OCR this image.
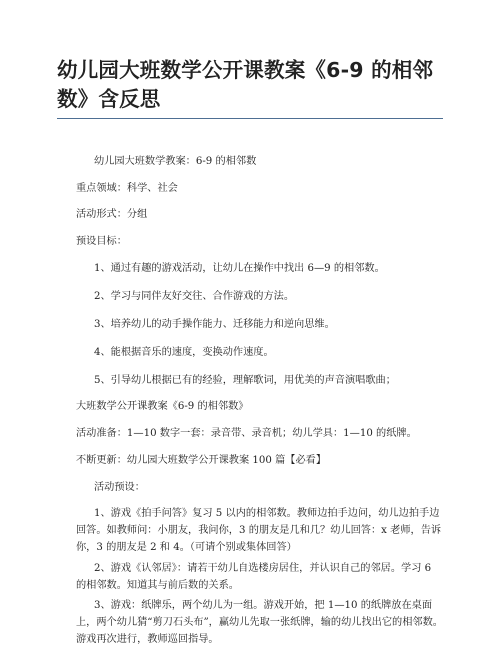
幼儿园大班数学公开课教案《6-9 的相邻数》含反思
幼儿园大班数学教案：6-9 的相邻数
重点领域：科学、社会
活动形式：分组
预设目标：
1、通过有趣的游戏活动，让幼儿在操作中找出 6—9 的相邻数。
2、学习与同伴友好交往、合作游戏的方法。
3、培养幼儿的动手操作能力、迁移能力和逆向思维。
4、能根据音乐的速度，变换动作速度。
5、引导幼儿根据已有的经验，理解歌词，用优美的声音演唱歌曲；
大班数学公开课教案《6-9 的相邻数》
活动准备：1—10 数字一套：录音带、录音机；幼儿学具：1—10 的纸牌。
不断更新：幼儿园大班数学公开课教案 100 篇【必看】
活动预设：
1、游戏《拍手问答》复习 5 以内的相邻数。教师边拍手边问，幼儿边拍手边回答。如教师问：小朋友，我问你，3 的朋友是几和几？幼儿回答：x 老师，告诉你，3 的朋友是 2 和 4。（可请个别或集体回答）
2、游戏《认邻居》：请若干幼儿自选楼房居住，并认识自己的邻居。学习 6 的相邻数。知道其与前后数的关系。
3、游戏：纸牌乐，两个幼儿为一组。游戏开始，把 1—10 的纸牌放在桌面上，两个幼儿猜“剪刀石头布”，赢幼儿先取一张纸牌，输的幼儿找出它的相邻数。游戏再次进行，教师巡回指导。
